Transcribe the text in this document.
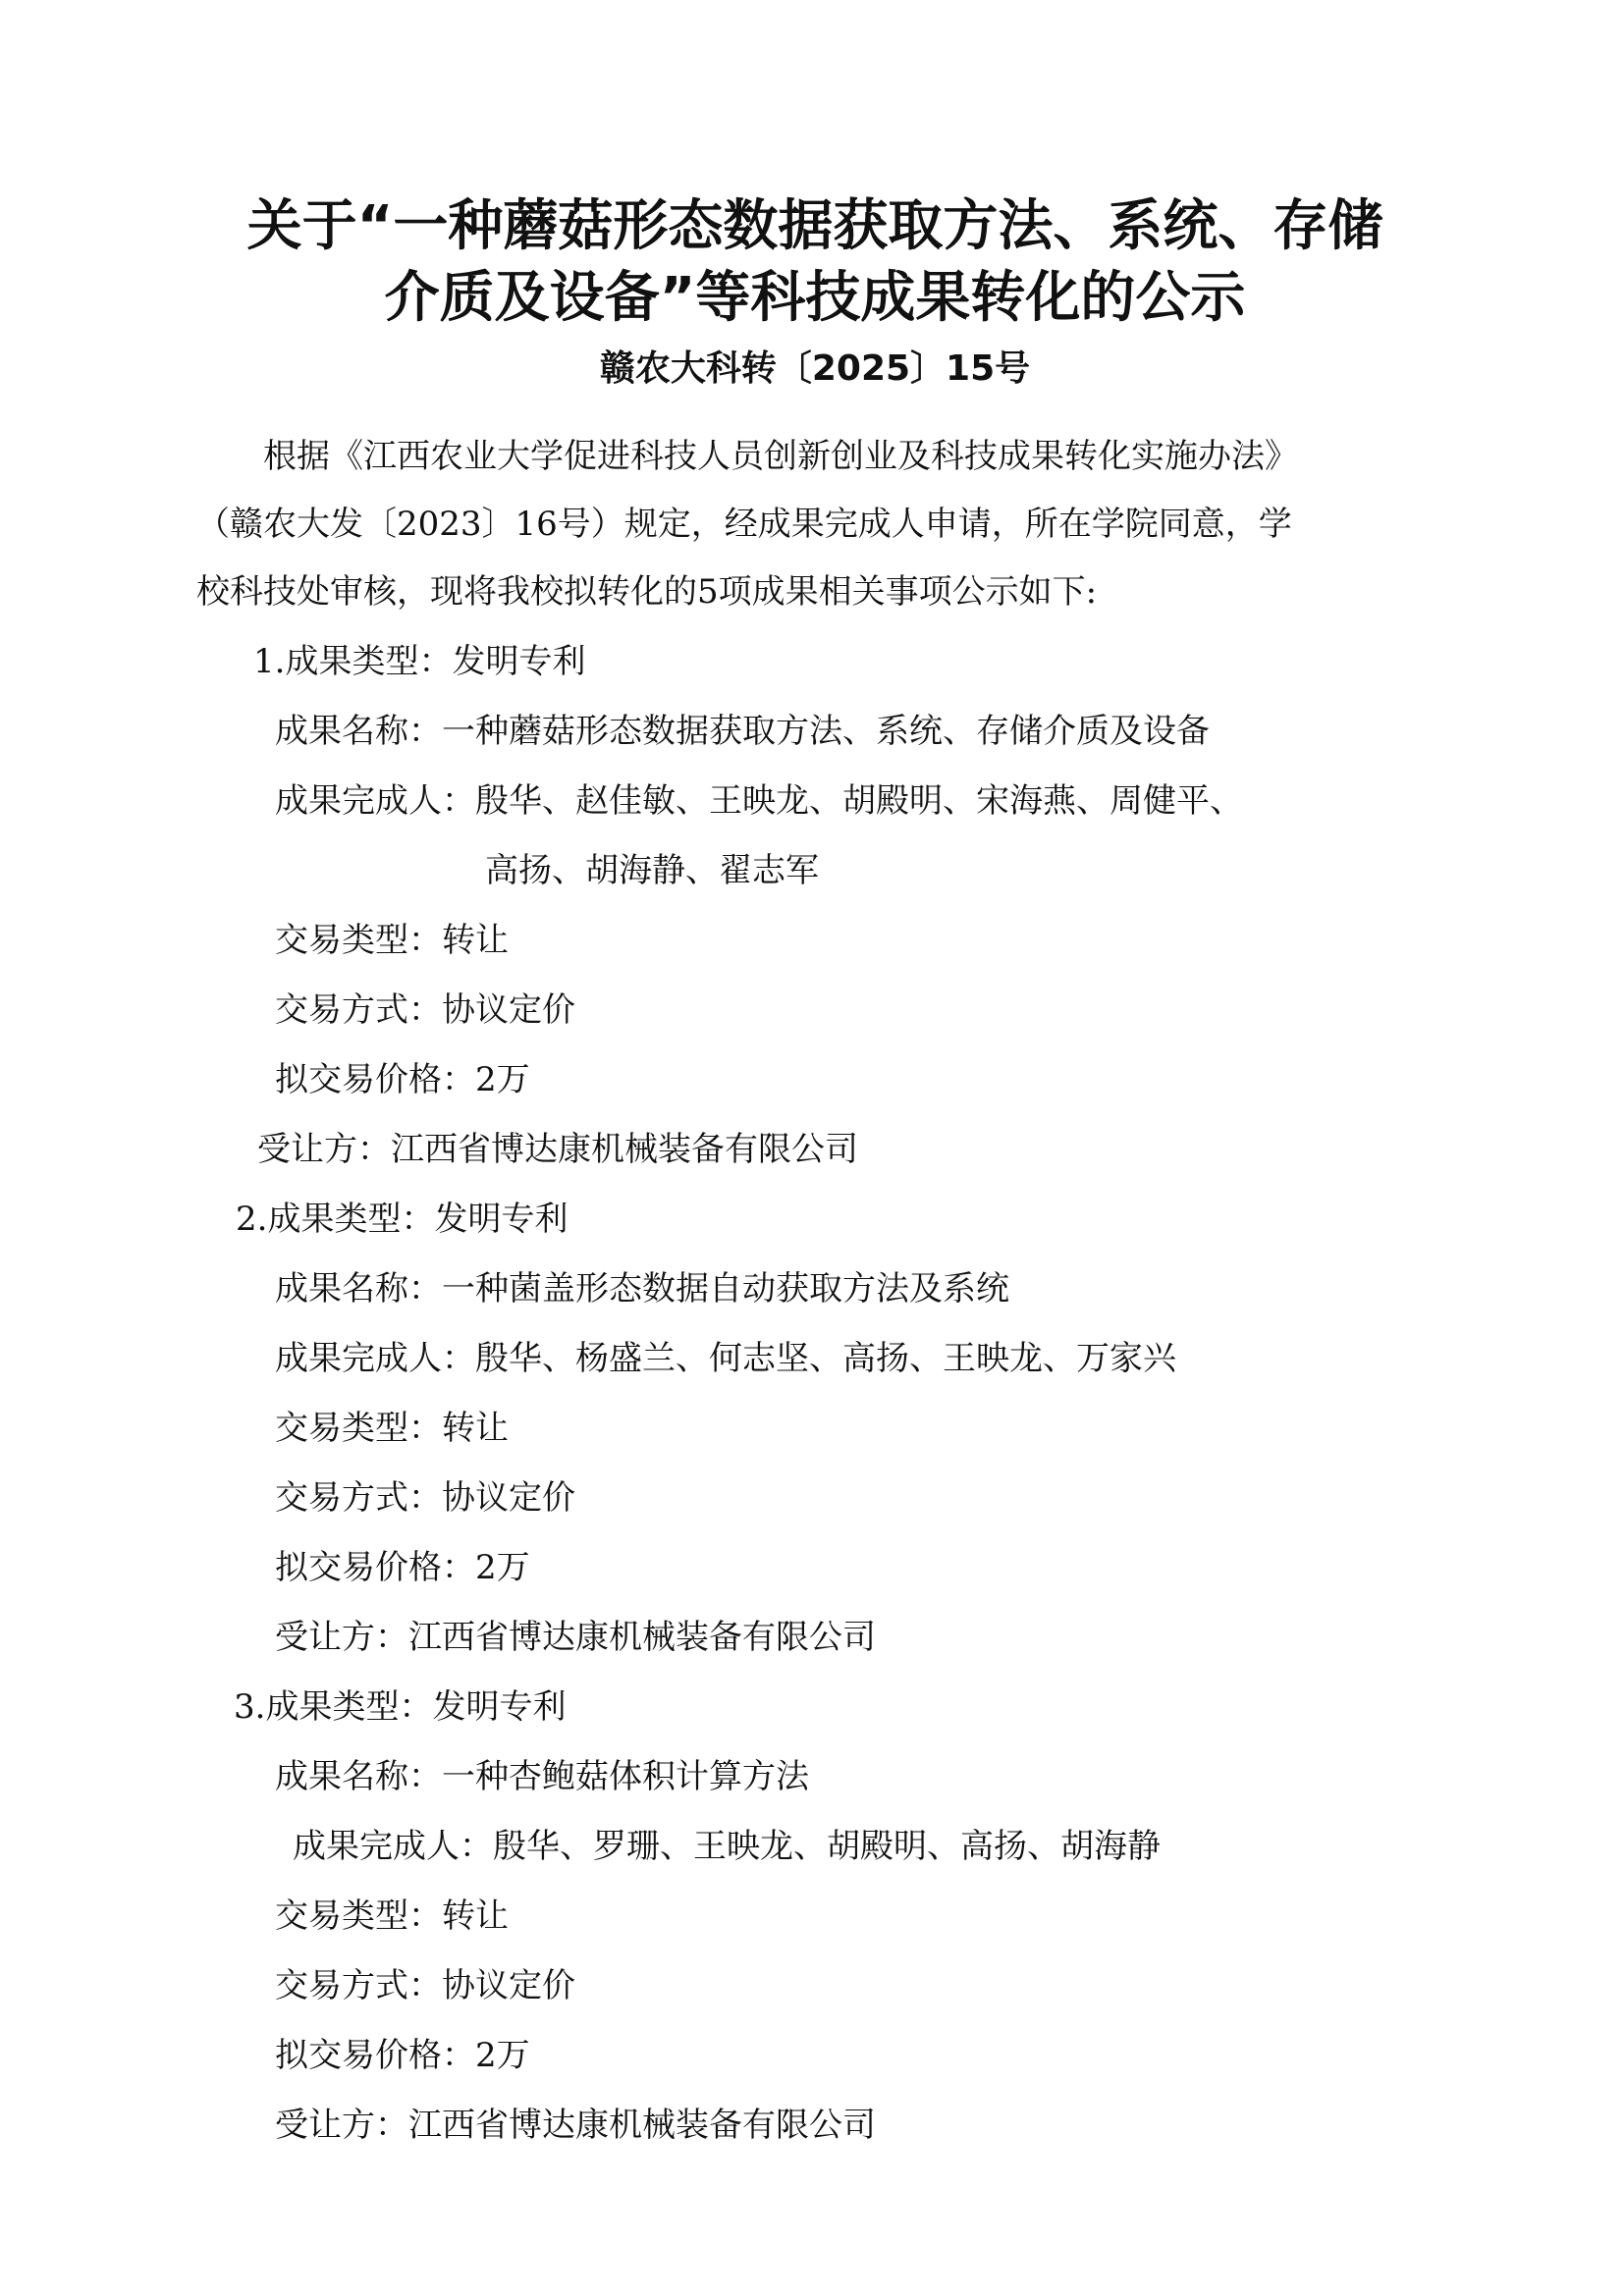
关于“一种蘑菇形态数据获取方法、系统、存储
介质及设备”等科技成果转化的公示
赣农大科转〔2025〕15号
根据《江西农业大学促进科技人员创新创业及科技成果转化实施办法》
（赣农大发〔2023〕16号）规定，经成果完成人申请，所在学院同意，学
校科技处审核，现将我校拟转化的5项成果相关事项公示如下:
1.成果类型：发明专利
成果名称：一种蘑菇形态数据获取方法、系统、存储介质及设备
成果完成人：殷华、赵佳敏、王映龙、胡殿明、宋海燕、周健平、
高扬、胡海静、翟志军
交易类型：转让
交易方式：协议定价
拟交易价格：2万
受让方：江西省博达康机械装备有限公司
2.成果类型：发明专利
成果名称：一种菌盖形态数据自动获取方法及系统
成果完成人：殷华、杨盛兰、何志坚、高扬、王映龙、万家兴
交易类型：转让
交易方式：协议定价
拟交易价格：2万
受让方：江西省博达康机械装备有限公司
3.成果类型：发明专利
成果名称：一种杏鲍菇体积计算方法
成果完成人：殷华、罗珊、王映龙、胡殿明、高扬、胡海静
交易类型：转让
交易方式：协议定价
拟交易价格：2万
受让方：江西省博达康机械装备有限公司
